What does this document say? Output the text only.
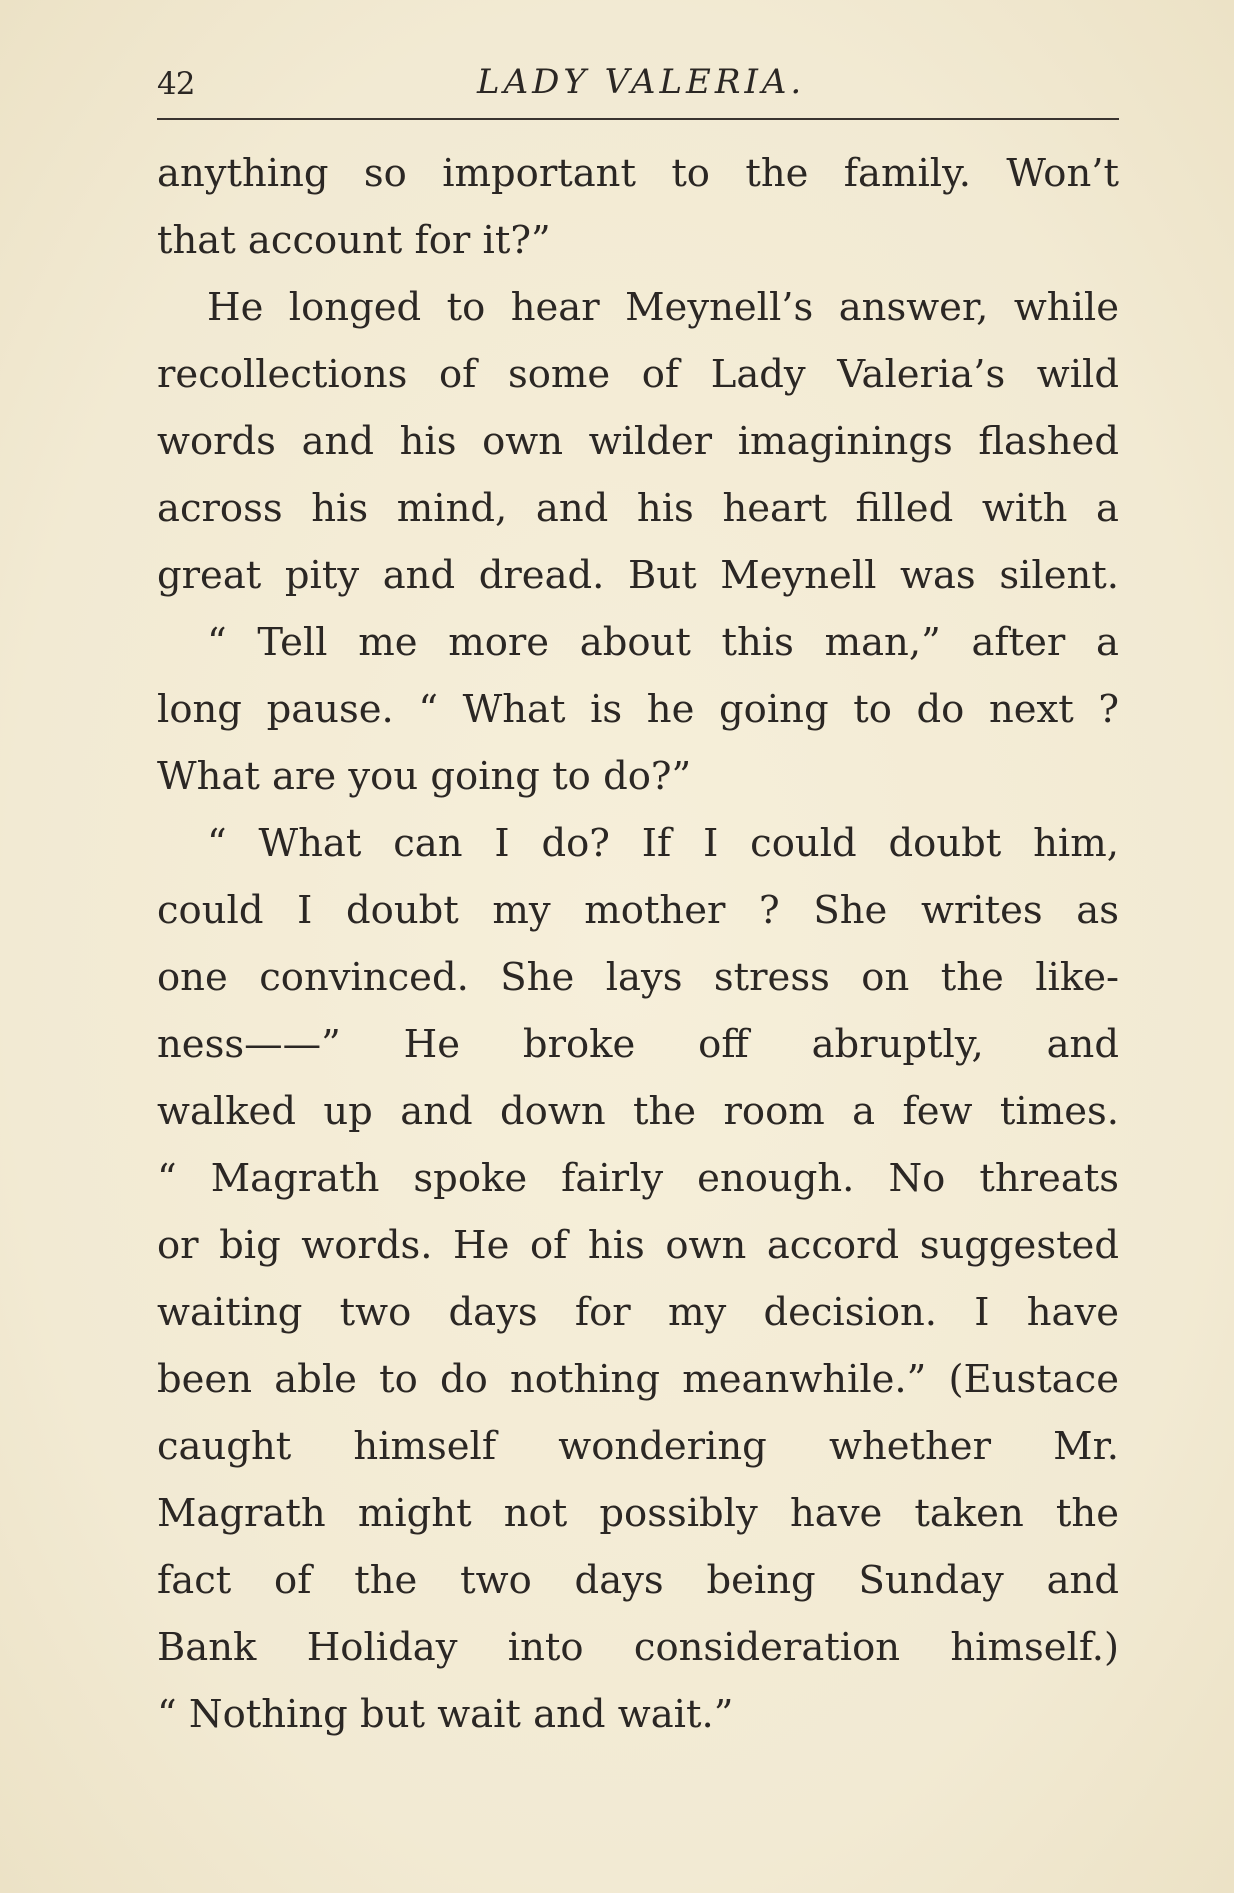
42	LADY VALERIA.
anything so important to the family. Won’t
that account for it?”
He longed to hear Meynell’s answer, while
recollections of some of Lady Valeria’s wild
words and his own wilder imaginings flashed
across his mind, and his heart filled with a
great pity and dread. But Meynell was silent.
“ Tell me more about this man,” after a
long pause. “ What is he going to do next ?
What are you going to do?”
“ What can I do? If I could doubt him,
could I doubt my mother ? She writes as
one convinced. She lays stress on the like-
ness——” He broke off abruptly, and
walked up and down the room a few times.
“ Magrath spoke fairly enough. No threats
or big words. He of his own accord suggested
waiting two days for my decision. I have
been able to do nothing meanwhile.” (Eustace
caught himself wondering whether Mr.
Magrath might not possibly have taken the
fact of the two days being Sunday and
Bank Holiday into consideration himself.)
“ Nothing but wait and wait.”
